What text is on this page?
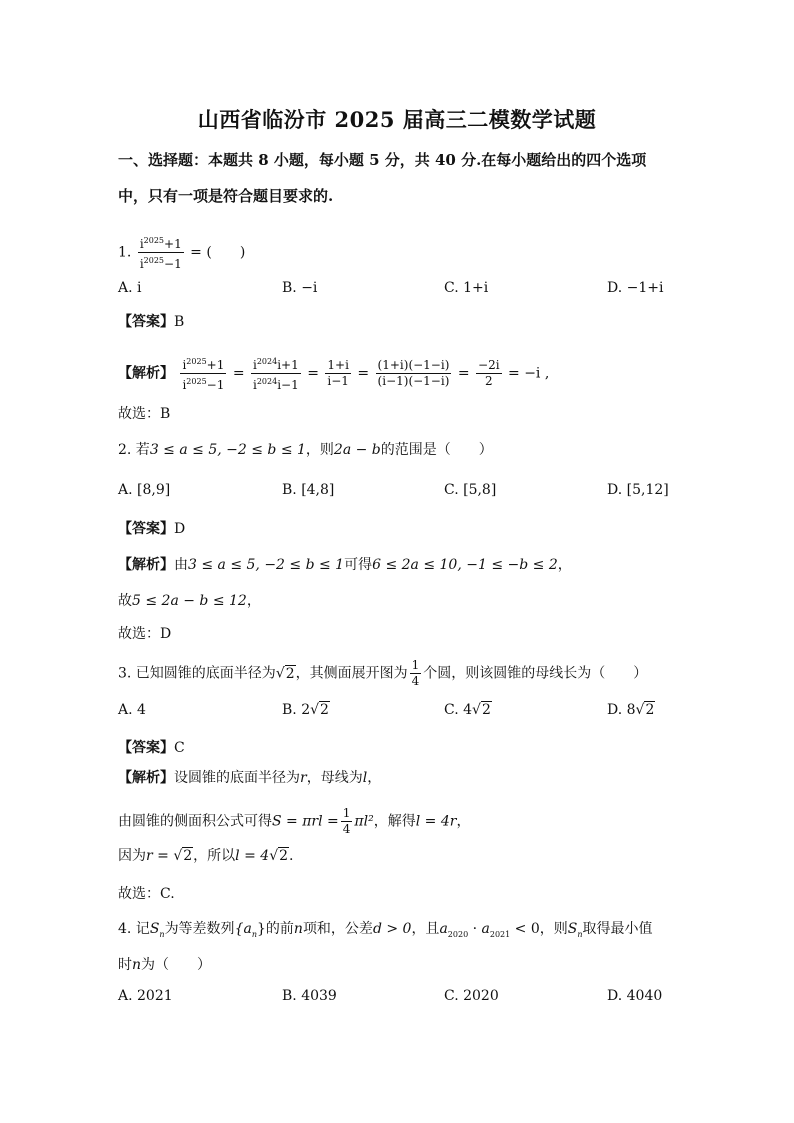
山西省临汾市 2025 届高三二模数学试题
一、选择题：本题共 8 小题，每小题 5 分，共 40 分.在每小题给出的四个选项
中，只有一项是符合题目要求的.
1. $\frac{i^{2025}+1}{i^{2025}-1}$ = (　　)
A. i	B. −i	C. 1+i	D. −1+i
【答案】B
【解析】 $\frac{i^{2025}+1}{i^{2025}-1} = \frac{i^{2024}i+1}{i^{2024}i-1} = \frac{1+i}{i-1} = \frac{(1+i)(-1-i)}{(i-1)(-1-i)} = \frac{-2i}{2} = -i$ ,
故选：B
2. 若3 ≤ a ≤ 5, −2 ≤ b ≤ 1，则2a − b的范围是（　　）
A. [8,9]	B. [4,8]	C. [5,8]	D. [5,12]
【答案】D
【解析】由3 ≤ a ≤ 5, −2 ≤ b ≤ 1可得6 ≤ 2a ≤ 10, −1 ≤ −b ≤ 2，
故5 ≤ 2a − b ≤ 12，
故选：D
3. 已知圆锥的底面半径为√2，其侧面展开图为 $\frac{1}{4}$ 个圆，则该圆锥的母线长为（　　）
A. 4	B. 2√2	C. 4√2	D. 8√2
【答案】C
【解析】设圆锥的底面半径为r，母线为l，
由圆锥的侧面积公式可得$S = \pi rl = \frac{1}{4} \pi l^2$，解得l = 4r，
因为r = √2，所以l = 4√2.
故选：C.
4. 记$S_n$为等差数列$\{a_n\}$的前n项和，公差d > 0，且$a_{2020} \cdot a_{2021} < 0$，则$S_n$取得最小值
时n为（　　）
A. 2021	B. 4039	C. 2020	D. 4040
